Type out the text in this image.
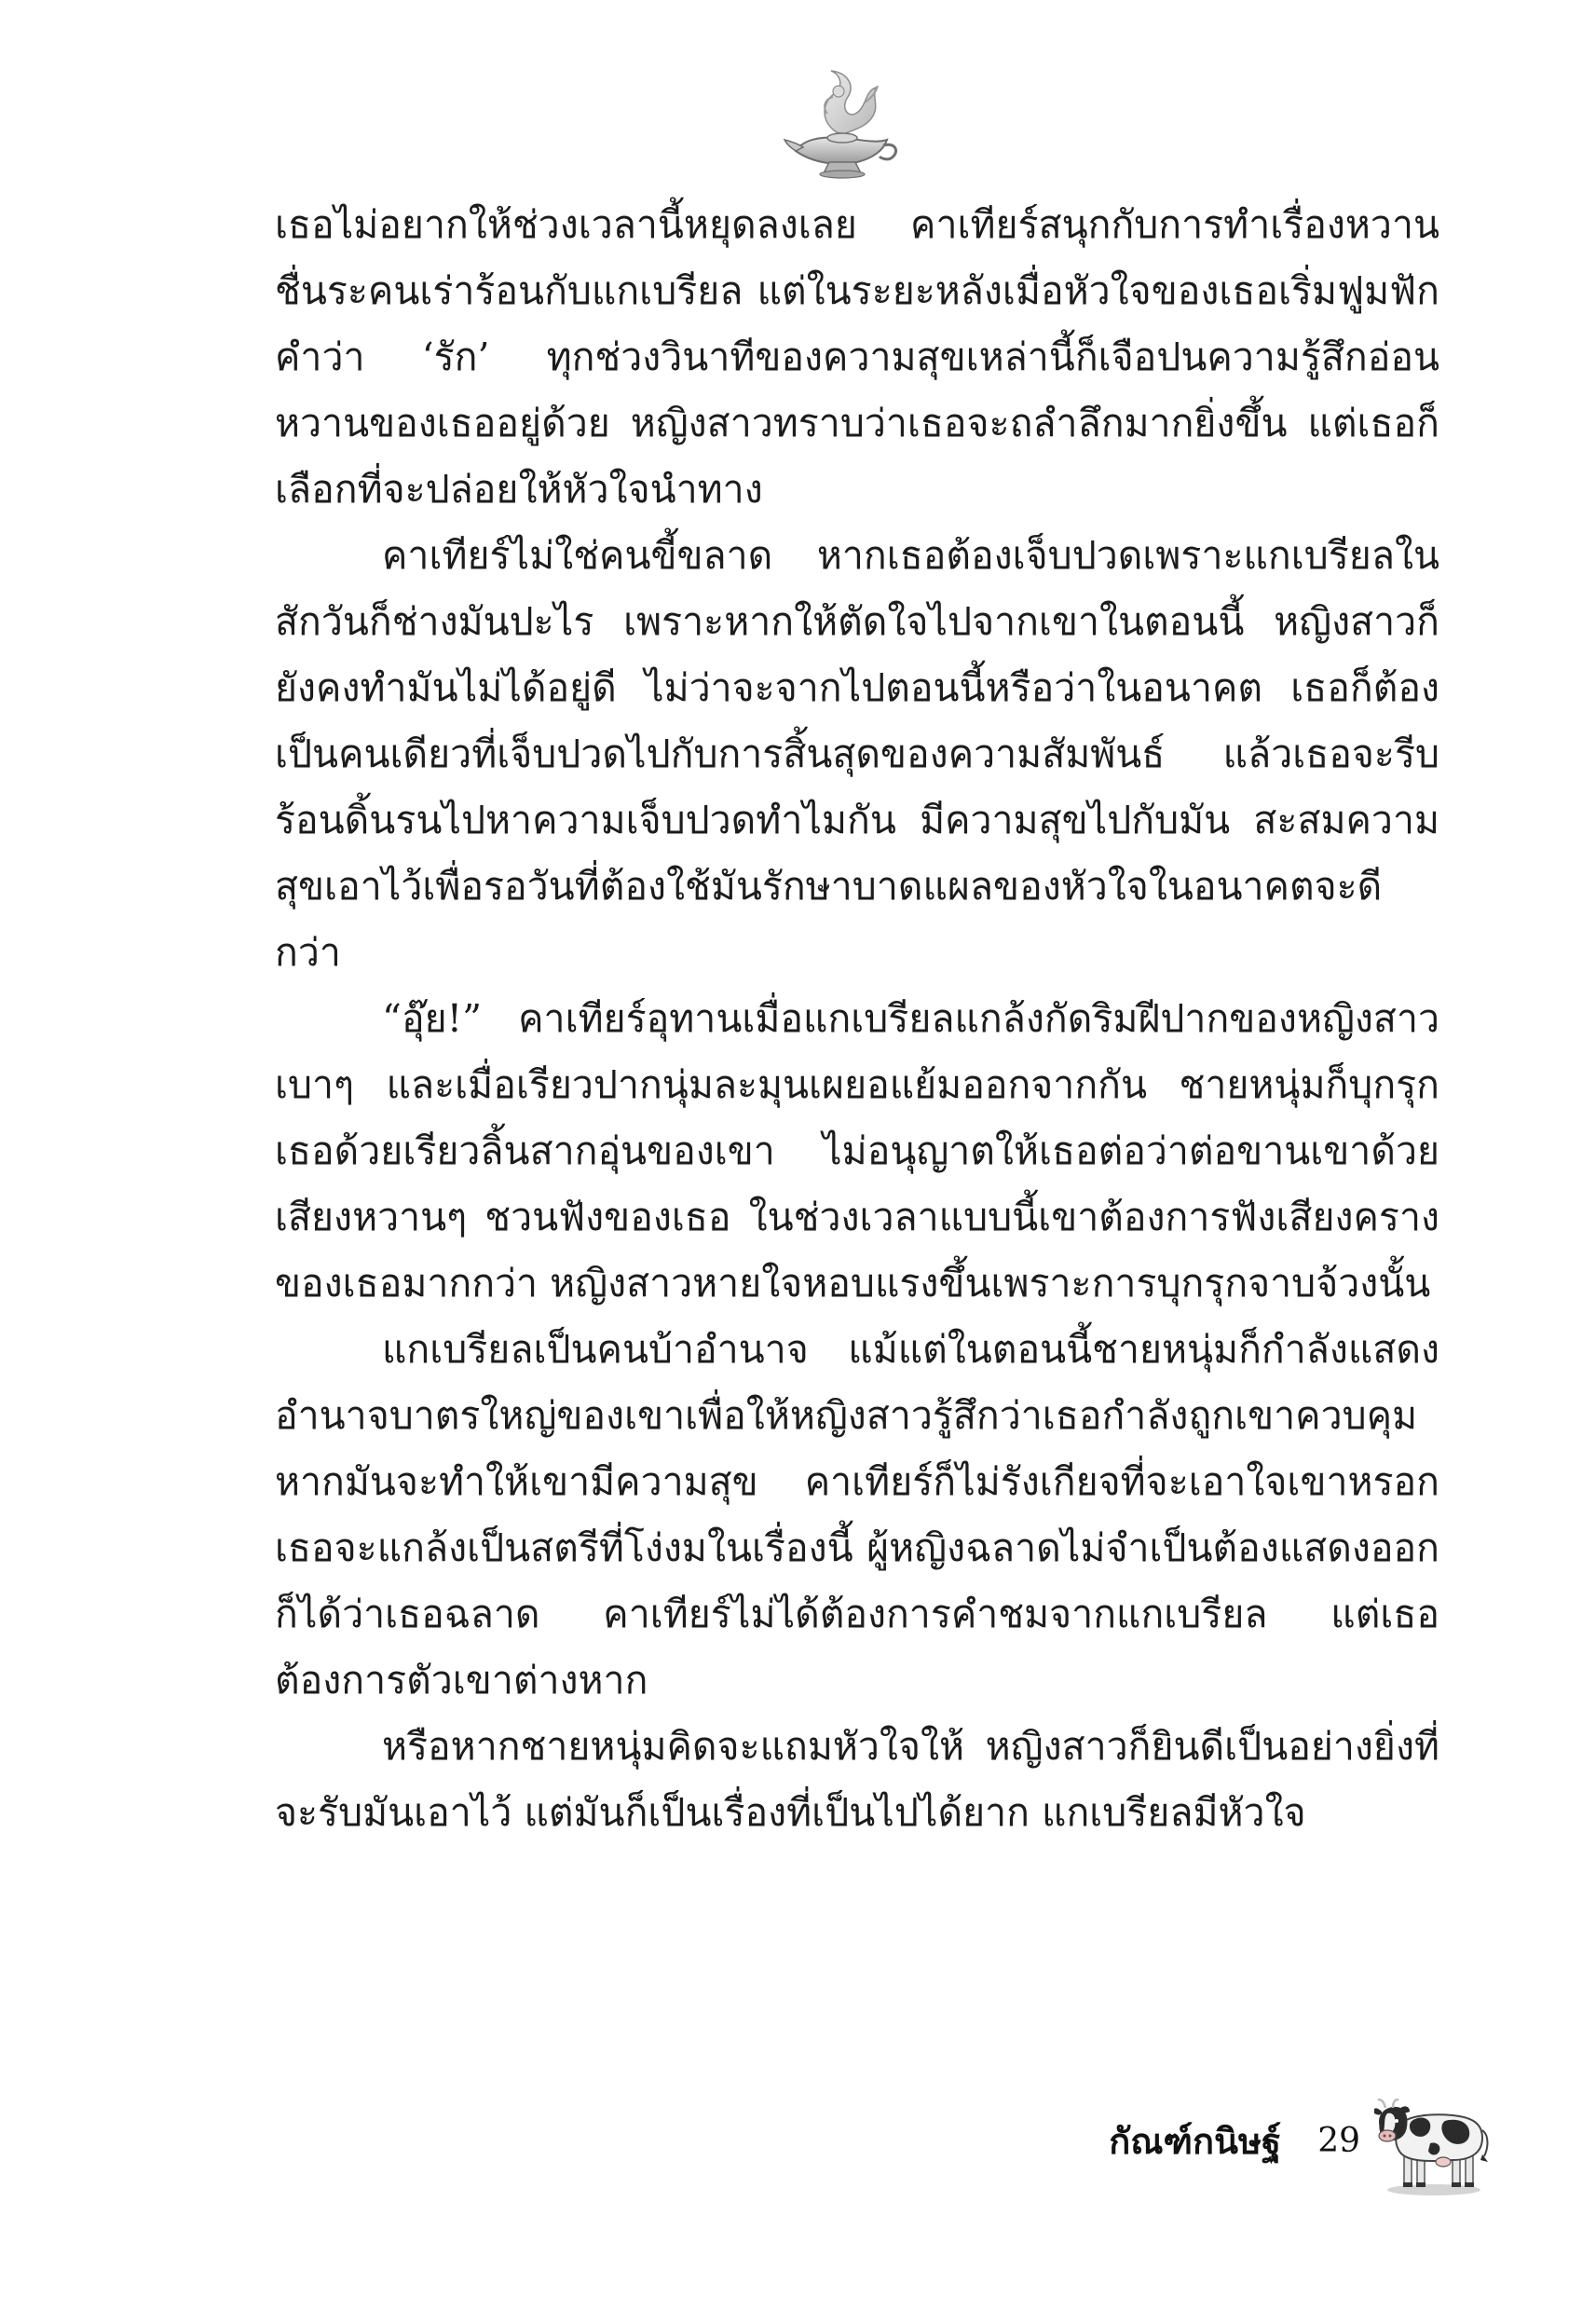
เธอไม่อยากให้ช่วงเวลานี้หยุดลงเลย คาเทียร์สนุกกับการทำเรื่องหวานชื่นระคนเร่าร้อนกับแกเบรียล แต่ในระยะหลังเมื่อหัวใจของเธอเริ่มฟูมฟักคำว่า ‘รัก’ ทุกช่วงวินาทีของความสุขเหล่านี้ก็เจือปนความรู้สึกอ่อนหวานของเธออยู่ด้วย หญิงสาวทราบว่าเธอจะถลำลึกมากยิ่งขึ้น แต่เธอก็เลือกที่จะปล่อยให้หัวใจนำทาง

คาเทียร์ไม่ใช่คนขี้ขลาด หากเธอต้องเจ็บปวดเพราะแกเบรียลในสักวันก็ช่างมันปะไร เพราะหากให้ตัดใจไปจากเขาในตอนนี้ หญิงสาวก็ยังคงทำมันไม่ได้อยู่ดี ไม่ว่าจะจากไปตอนนี้หรือว่าในอนาคต เธอก็ต้องเป็นคนเดียวที่เจ็บปวดไปกับการสิ้นสุดของความสัมพันธ์ แล้วเธอจะรีบร้อนดิ้นรนไปหาความเจ็บปวดทำไมกัน มีความสุขไปกับมัน สะสมความสุขเอาไว้เพื่อรอวันที่ต้องใช้มันรักษาบาดแผลของหัวใจในอนาคตจะดีกว่า

“อุ๊ย!” คาเทียร์อุทานเมื่อแกเบรียลแกล้งกัดริมฝีปากของหญิงสาวเบาๆ และเมื่อเรียวปากนุ่มละมุนเผยอแย้มออกจากกัน ชายหนุ่มก็บุกรุกเธอด้วยเรียวลิ้นสากอุ่นของเขา ไม่อนุญาตให้เธอต่อว่าต่อขานเขาด้วยเสียงหวานๆ ชวนฟังของเธอ ในช่วงเวลาแบบนี้เขาต้องการฟังเสียงครางของเธอมากกว่า หญิงสาวหายใจหอบแรงขึ้นเพราะการบุกรุกจาบจ้วงนั้น

แกเบรียลเป็นคนบ้าอำนาจ แม้แต่ในตอนนี้ชายหนุ่มก็กำลังแสดงอำนาจบาตรใหญ่ของเขาเพื่อให้หญิงสาวรู้สึกว่าเธอกำลังถูกเขาควบคุม หากมันจะทำให้เขามีความสุข คาเทียร์ก็ไม่รังเกียจที่จะเอาใจเขาหรอก เธอจะแกล้งเป็นสตรีที่โง่งมในเรื่องนี้ ผู้หญิงฉลาดไม่จำเป็นต้องแสดงออกก็ได้ว่าเธอฉลาด คาเทียร์ไม่ได้ต้องการคำชมจากแกเบรียล แต่เธอต้องการตัวเขาต่างหาก

หรือหากชายหนุ่มคิดจะแถมหัวใจให้ หญิงสาวก็ยินดีเป็นอย่างยิ่งที่จะรับมันเอาไว้ แต่มันก็เป็นเรื่องที่เป็นไปได้ยาก แกเบรียลมีหัวใจ

กัณฑ์กนิษฐ์ 29
